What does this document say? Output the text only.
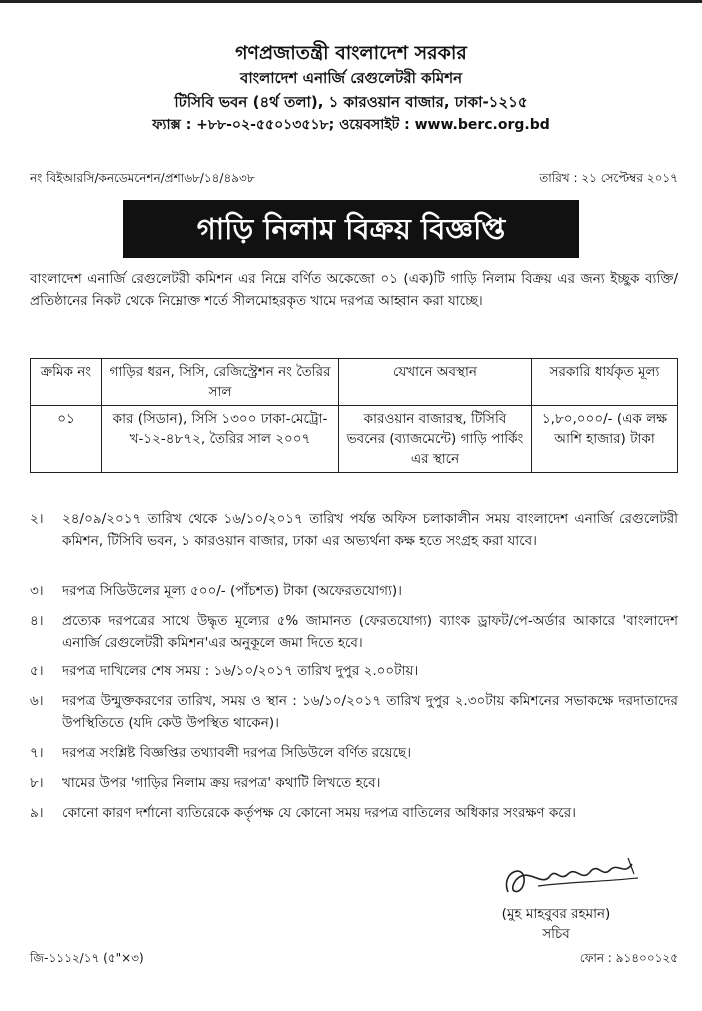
গণপ্রজাতন্ত্রী বাংলাদেশ সরকার
বাংলাদেশ এনার্জি রেগুলেটরী কমিশন
টিসিবি ভবন (৪র্থ তলা), ১ কারওয়ান বাজার, ঢাকা-১২১৫
ফ্যাক্স : +৮৮-০২-৫৫০১৩৫১৮; ওয়েবসাইট : www.berc.org.bd
নং বিইআরসি/কনডেমনেশন/প্রশা৬৮/১৪/৪৯৩৮	তারিখ : ২১ সেপ্টেম্বর ২০১৭
গাড়ি নিলাম বিক্রয় বিজ্ঞপ্তি
বাংলাদেশ এনার্জি রেগুলেটরী কমিশন এর নিম্নে বর্ণিত অকেজো ০১ (এক)টি গাড়ি নিলাম বিক্রয় এর জন্য ইচ্ছুক ব্যক্তি/প্রতিষ্ঠানের নিকট থেকে নিম্নোক্ত শর্তে সীলমোহরকৃত খামে দরপত্র আহ্বান করা যাচ্ছে।
ক্রমিক নং	গাড়ির ধরন, সিসি, রেজিস্ট্রেশন নং তৈরির সাল	যেখানে অবস্থান	সরকারি ধার্যকৃত মূল্য
০১	কার (সিডান), সিসি ১৩০০ ঢাকা-মেট্রো-খ-১২-৪৮৭২, তৈরির সাল ২০০৭	কারওয়ান বাজারস্থ, টিসিবি ভবনের (ব্যাজমেন্টে) গাড়ি পার্কিং এর স্থানে	১,৮০,০০০/- (এক লক্ষ আশি হাজার) টাকা
২।	২৪/০৯/২০১৭ তারিখ থেকে ১৬/১০/২০১৭ তারিখ পর্যন্ত অফিস চলাকালীন সময় বাংলাদেশ এনার্জি রেগুলেটরী কমিশন, টিসিবি ভবন, ১ কারওয়ান বাজার, ঢাকা এর অভ্যর্থনা কক্ষ হতে সংগ্রহ করা যাবে।
৩।	দরপত্র সিডিউলের মূল্য ৫০০/- (পাঁচশত) টাকা (অফেরতযোগ্য)।
৪।	প্রত্যেক দরপত্রের সাথে উদ্ধৃত মূল্যের ৫% জামানত (ফেরতযোগ্য) ব্যাংক ড্রাফট/পে-অর্ডার আকারে 'বাংলাদেশ এনার্জি রেগুলেটরী কমিশন'এর অনুকূলে জমা দিতে হবে।
৫।	দরপত্র দাখিলের শেষ সময় : ১৬/১০/২০১৭ তারিখ দুপুর ২.০০টায়।
৬।	দরপত্র উন্মুক্তকরণের তারিখ, সময় ও স্থান : ১৬/১০/২০১৭ তারিখ দুপুর ২.৩০টায় কমিশনের সভাকক্ষে দরদাতাদের উপস্থিতিতে (যদি কেউ উপস্থিত থাকেন)।
৭।	দরপত্র সংশ্লিষ্ট বিজ্ঞপ্তির তথ্যাবলী দরপত্র সিডিউলে বর্ণিত রয়েছে।
৮।	খামের উপর 'গাড়ির নিলাম ক্রয় দরপত্র' কথাটি লিখতে হবে।
৯।	কোনো কারণ দর্শানো ব্যতিরেকে কর্তৃপক্ষ যে কোনো সময় দরপত্র বাতিলের অধিকার সংরক্ষণ করে।
(মুহ মাহবুবর রহমান)
সচিব
জি-১১১২/১৭ (৫"×৩)	ফোন : ৯১৪০০১২৫
